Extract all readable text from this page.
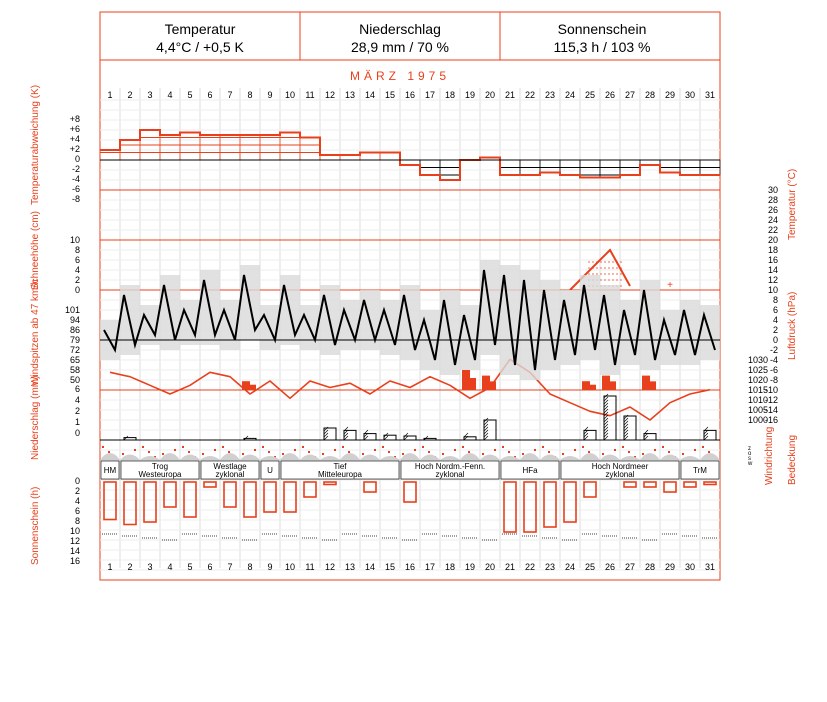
Temperatur
4,4°C / +0,5 K
Niederschlag
28,9 mm / 70 %
Sonnenschein
115,3 h / 103 %
MÄRZ 1975
1 2 3 4 5 6 7 8 9 10 11 12 13 14 15 16 17 18 19 20 21 22 23 24 25 26 27 28 29 30 31
1 2 3 4 5 6 7 8 9 10 11 12 13 14 15 16 17 18 19 20 21 22 23 24 25 26 27 28 29 30 31
+
HM	Trog
Westeuropa
Westlage
zyklonal	U	Tief
Mitteleuropa
Hoch Nordm.-Fenn.
zyklonal	HFa	Hoch Nordmeer
zyklonal	TrM
+8
+6
+4
+2
0
-2
-4
-6
-8
10
8
6
4
2
0
101
94
86
79
72
65
58
50
6
4
2
1
0
0
2
4
6
8
10
12
14
16
30
28
26
24
22
20
18
16
14
12
10
8
6
4
2
0
-2
-4
-6
-8
-10
-12
-14
-16
1030
1025
1020
1015
1010
1005
1000
z
o
s
w
Temperaturabweichung (K)
Schneehöhe (cm)
Windspitzen ab 47 km/h
Niederschlag (mm)
Sonnenschein (h)
Temperatur (°C)
Luftdruck (hPa)
Windrichtung Bedeckung
